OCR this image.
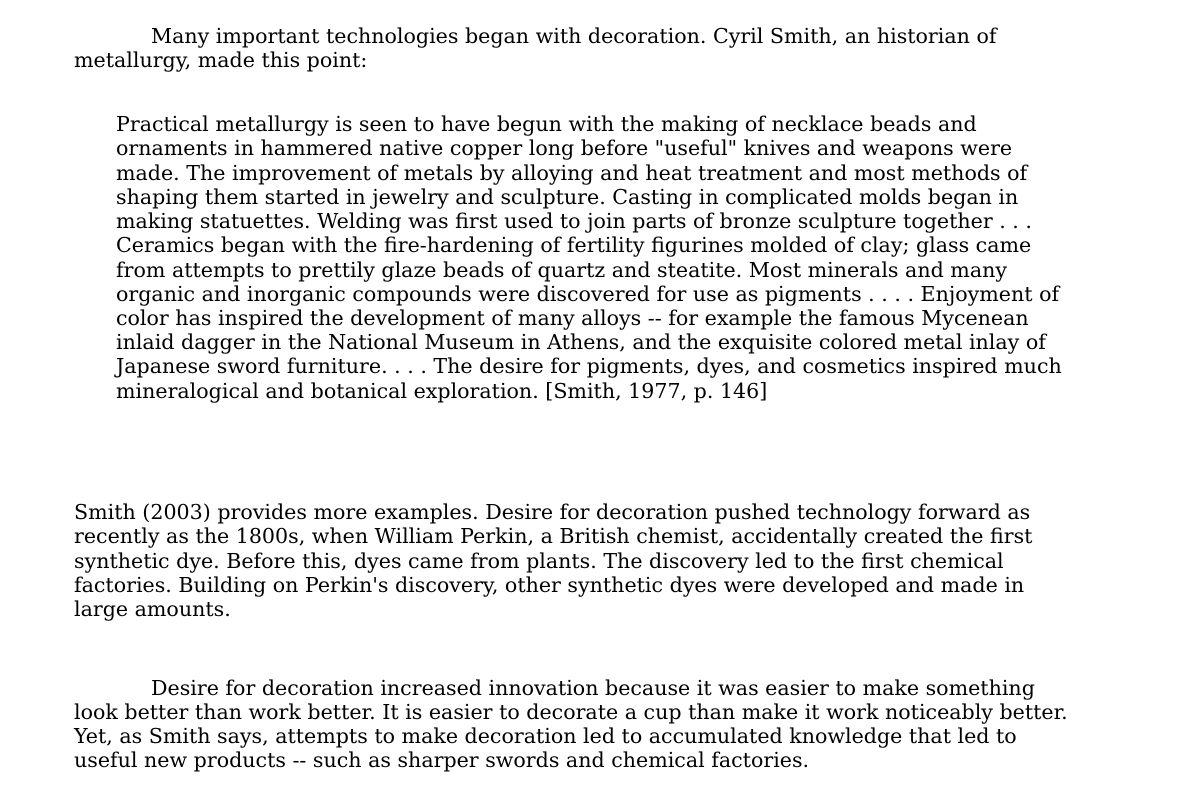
Many important technologies began with decoration. Cyril Smith, an historian of

metallurgy, made this point:

Practical metallurgy is seen to have begun with the making of necklace beads and

ornaments in hammered native copper long before "useful" knives and weapons were

made. The improvement of metals by alloying and heat treatment and most methods of

shaping them started in jewelry and sculpture. Casting in complicated molds began in

making statuettes. Welding was first used to join parts of bronze sculpture together . . .

Ceramics began with the fire-hardening of fertility figurines molded of clay; glass came

from attempts to prettily glaze beads of quartz and steatite. Most minerals and many

organic and inorganic compounds were discovered for use as pigments . . . . Enjoyment of

color has inspired the development of many alloys -- for example the famous Mycenean

inlaid dagger in the National Museum in Athens, and the exquisite colored metal inlay of

Japanese sword furniture. . . . The desire for pigments, dyes, and cosmetics inspired much

mineralogical and botanical exploration. [Smith, 1977, p. 146]

Smith (2003) provides more examples. Desire for decoration pushed technology forward as

recently as the 1800s, when William Perkin, a British chemist, accidentally created the first

synthetic dye. Before this, dyes came from plants. The discovery led to the first chemical

factories. Building on Perkin's discovery, other synthetic dyes were developed and made in

large amounts.

Desire for decoration increased innovation because it was easier to make something

look better than work better. It is easier to decorate a cup than make it work noticeably better.

Yet, as Smith says, attempts to make decoration led to accumulated knowledge that led to

useful new products -- such as sharper swords and chemical factories.
